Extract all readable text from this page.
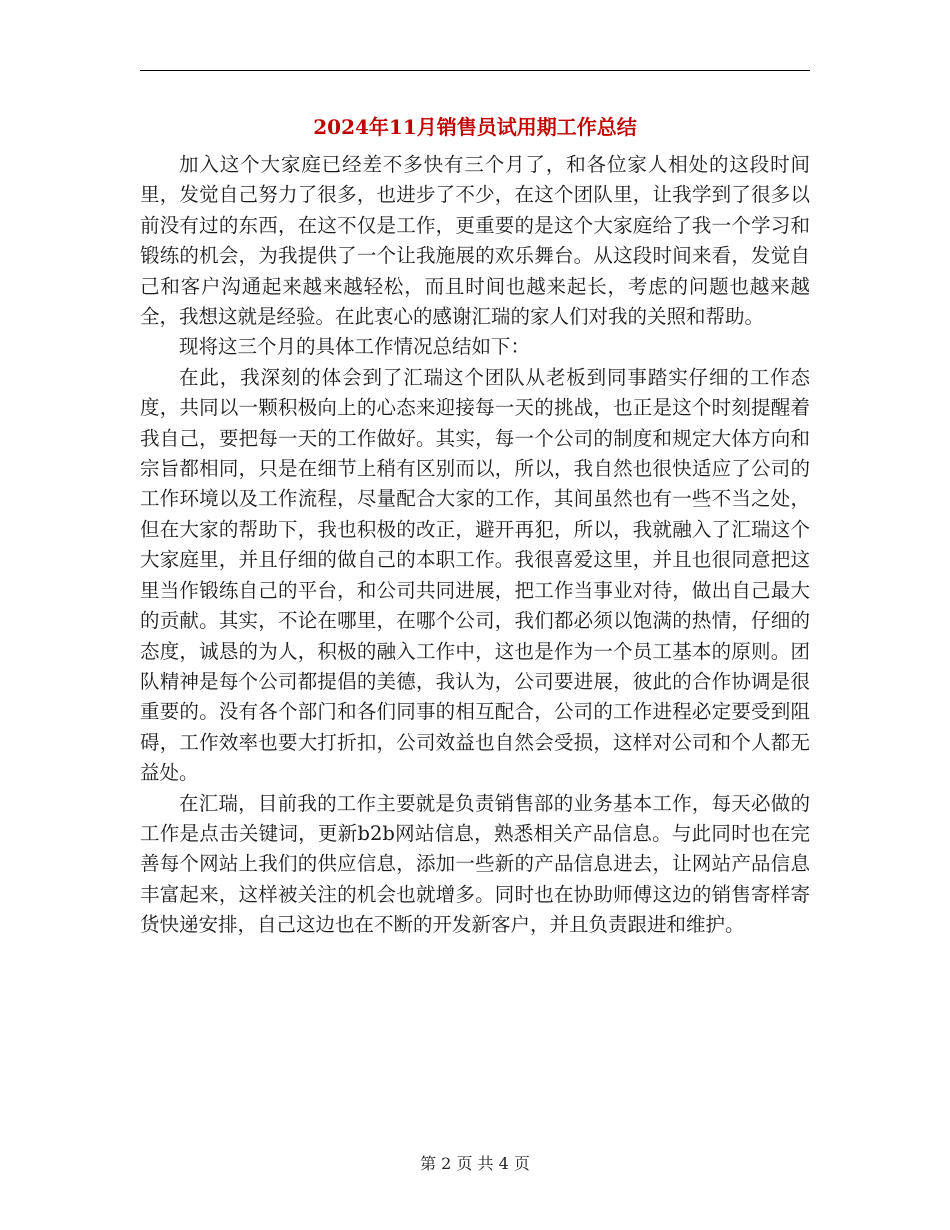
2024年11月销售员试用期工作总结

加入这个大家庭已经差不多快有三个月了，和各位家人相处的这段时间里，发觉自己努力了很多，也进步了不少，在这个团队里，让我学到了很多以前没有过的东西，在这不仅是工作，更重要的是这个大家庭给了我一个学习和锻练的机会，为我提供了一个让我施展的欢乐舞台。从这段时间来看，发觉自己和客户沟通起来越来越轻松，而且时间也越来起长，考虑的问题也越来越全，我想这就是经验。在此衷心的感谢汇瑞的家人们对我的关照和帮助。

现将这三个月的具体工作情况总结如下：

在此，我深刻的体会到了汇瑞这个团队从老板到同事踏实仔细的工作态度，共同以一颗积极向上的心态来迎接每一天的挑战，也正是这个时刻提醒着我自己，要把每一天的工作做好。其实，每一个公司的制度和规定大体方向和宗旨都相同，只是在细节上稍有区别而以，所以，我自然也很快适应了公司的工作环境以及工作流程，尽量配合大家的工作，其间虽然也有一些不当之处，但在大家的帮助下，我也积极的改正，避开再犯，所以，我就融入了汇瑞这个大家庭里，并且仔细的做自己的本职工作。我很喜爱这里，并且也很同意把这里当作锻练自己的平台，和公司共同进展，把工作当事业对待，做出自己最大的贡献。其实，不论在哪里，在哪个公司，我们都必须以饱满的热情，仔细的态度，诚恳的为人，积极的融入工作中，这也是作为一个员工基本的原则。团队精神是每个公司都提倡的美德，我认为，公司要进展，彼此的合作协调是很重要的。没有各个部门和各们同事的相互配合，公司的工作进程必定要受到阻碍，工作效率也要大打折扣，公司效益也自然会受损，这样对公司和个人都无益处。

在汇瑞，目前我的工作主要就是负责销售部的业务基本工作，每天必做的工作是点击关键词，更新b2b网站信息，熟悉相关产品信息。与此同时也在完善每个网站上我们的供应信息，添加一些新的产品信息进去，让网站产品信息丰富起来，这样被关注的机会也就增多。同时也在协助师傅这边的销售寄样寄货快递安排，自己这边也在不断的开发新客户，并且负责跟进和维护。

第 2 页 共 4 页
